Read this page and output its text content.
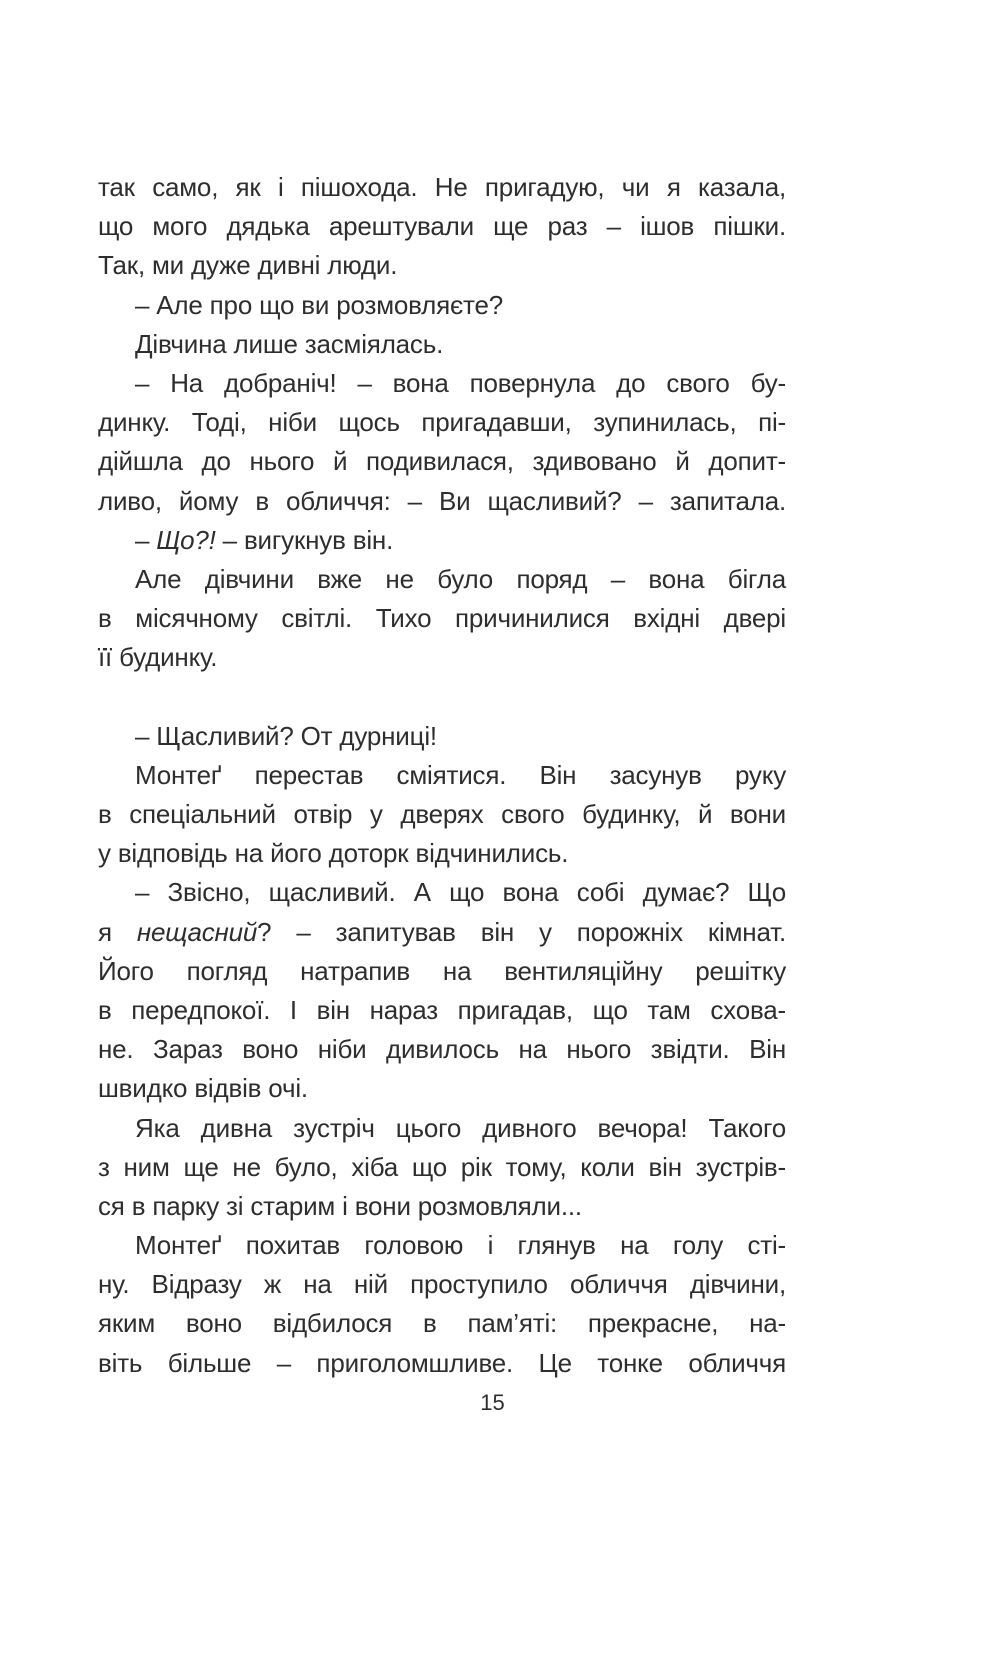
так само, як і пішохода. Не пригадую, чи я казала,
що мого дядька арештували ще раз – ішов пішки.
Так, ми дуже дивні люди.
– Але про що ви розмовляєте?
Дівчина лише засміялась.
– На добраніч! – вона повернула до свого бу-
динку. Тоді, ніби щось пригадавши, зупинилась, пі-
дійшла до нього й подивилася, здивовано й допит-
ливо, йому в обличчя: – Ви щасливий? – запитала.
– Що?! – вигукнув він.
Але дівчини вже не було поряд – вона бігла
в місячному світлі. Тихо причинилися вхідні двері
її будинку.
– Щасливий? От дурниці!
Монтеґ перестав сміятися. Він засунув руку
в спеціальний отвір у дверях свого будинку, й вони
у відповідь на його доторк відчинились.
– Звісно, щасливий. А що вона собі думає? Що
я нещасний? – запитував він у порожніх кімнат.
Його погляд натрапив на вентиляційну решітку
в передпокої. І він нараз пригадав, що там схова-
не. Зараз воно ніби дивилось на нього звідти. Він
швидко відвів очі.
Яка дивна зустріч цього дивного вечора! Такого
з ним ще не було, хіба що рік тому, коли він зустрів-
ся в парку зі старим і вони розмовляли...
Монтеґ похитав головою і глянув на голу сті-
ну. Відразу ж на ній проступило обличчя дівчини,
яким воно відбилося в пам’яті: прекрасне, на-
віть більше – приголомшливе. Це тонке обличчя
15
